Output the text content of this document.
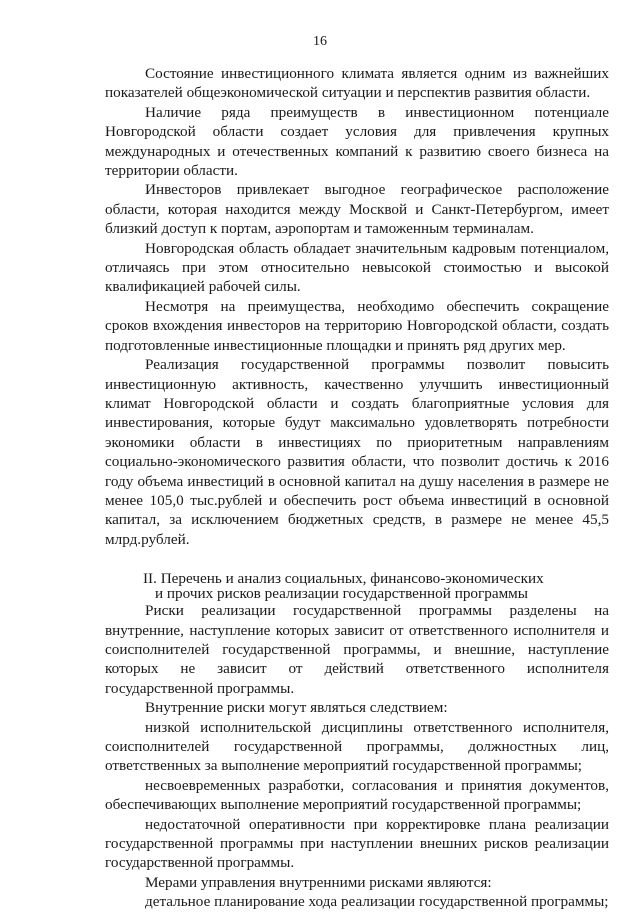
16

Состояние инвестиционного климата является одним из важнейших показателей общеэкономической ситуации и перспектив развития области.

Наличие ряда преимуществ в инвестиционном потенциале Новгородской области создает условия для привлечения крупных международных и отечественных компаний к развитию своего бизнеса на территории области.

Инвесторов привлекает выгодное географическое расположение области, которая находится между Москвой и Санкт-Петербургом, имеет близкий доступ к портам, аэропортам и таможенным терминалам.

Новгородская область обладает значительным кадровым потенциалом, отличаясь при этом относительно невысокой стоимостью и высокой квалификацией рабочей силы.

Несмотря на преимущества, необходимо обеспечить сокращение сроков вхождения инвесторов на территорию Новгородской области, создать подготовленные инвестиционные площадки и принять ряд других мер.

Реализация государственной программы позволит повысить инвестиционную активность, качественно улучшить инвестиционный климат Новгородской области и создать благоприятные условия для инвестирования, которые будут максимально удовлетворять потребности экономики области в инвестициях по приоритетным направлениям социально-экономического развития области, что позволит достичь к 2016 году объема инвестиций в основной капитал на душу населения в размере не менее 105,0 тыс.рублей и обеспечить рост объема инвестиций в основной капитал, за исключением бюджетных средств, в размере не менее 45,5 млрд.рублей.

II. Перечень и анализ социальных, финансово-экономических
и прочих рисков реализации государственной программы

Риски реализации государственной программы разделены на внутренние, наступление которых зависит от ответственного исполнителя и соисполнителей государственной программы, и внешние, наступление которых не зависит от действий ответственного исполнителя государственной программы.

Внутренние риски могут являться следствием:

низкой исполнительской дисциплины ответственного исполнителя, соисполнителей государственной программы, должностных лиц, ответственных за выполнение мероприятий государственной программы;

несвоевременных разработки, согласования и принятия документов, обеспечивающих выполнение мероприятий государственной программы;

недостаточной оперативности при корректировке плана реализации государственной программы при наступлении внешних рисков реализации государственной программы.

Мерами управления внутренними рисками являются:

детальное планирование хода реализации государственной программы;
